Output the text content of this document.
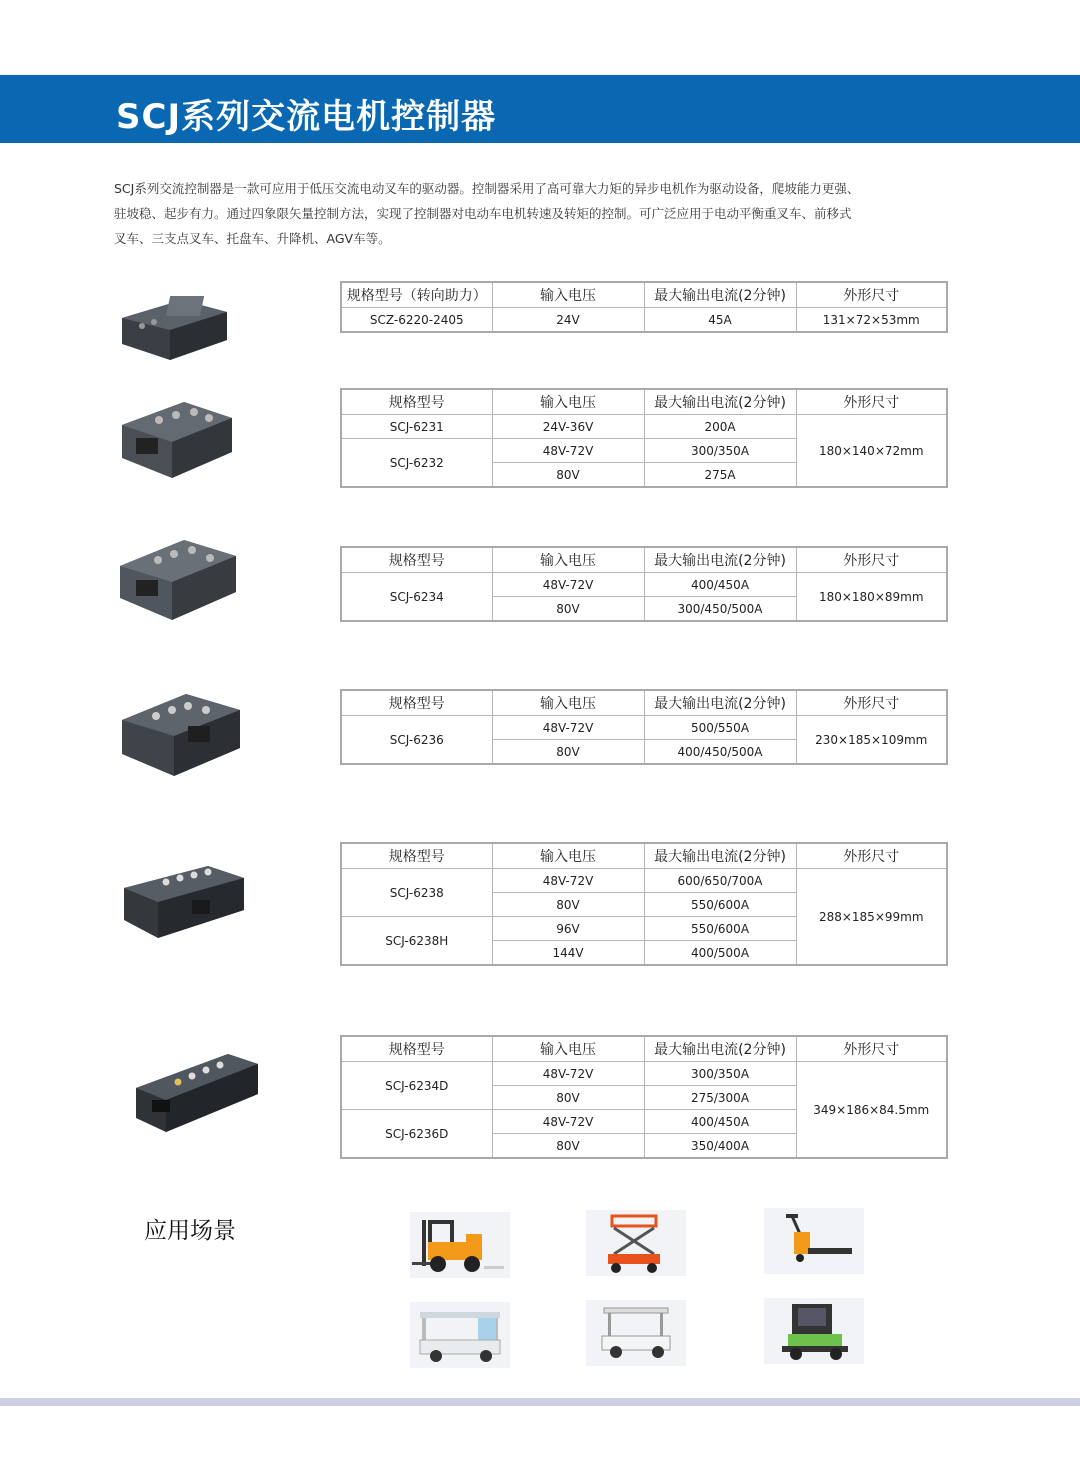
SCJ系列交流电机控制器

SCJ系列交流控制器是一款可应用于低压交流电动叉车的驱动器。控制器采用了高可靠大力矩的异步电机作为驱动设备，爬坡能力更强、

驻坡稳、起步有力。通过四象限矢量控制方法，实现了控制器对电动车电机转速及转矩的控制。可广泛应用于电动平衡重叉车、前移式

叉车、三支点叉车、托盘车、升降机、AGV车等。

规格型号（转向助力）	输入电压	最大输出电流(2分钟)	外形尺寸
SCZ-6220-2405	24V	45A	131×72×53mm
规格型号	输入电压	最大输出电流(2分钟)	外形尺寸
SCJ-6231	24V-36V	200A	180×140×72mm
SCJ-6232	48V-72V	300/350A	
	80V	275A	
规格型号	输入电压	最大输出电流(2分钟)	外形尺寸
SCJ-6234	48V-72V	400/450A	180×180×89mm
	80V	300/450/500A	
规格型号	输入电压	最大输出电流(2分钟)	外形尺寸
SCJ-6236	48V-72V	500/550A	230×185×109mm
	80V	400/450/500A	
规格型号	输入电压	最大输出电流(2分钟)	外形尺寸
SCJ-6238	48V-72V	600/650/700A	288×185×99mm
	80V	550/600A	
SCJ-6238H	96V	550/600A	
	144V	400/500A	
规格型号	输入电压	最大输出电流(2分钟)	外形尺寸
SCJ-6234D	48V-72V	300/350A	349×186×84.5mm
	80V	275/300A	
SCJ-6236D	48V-72V	400/450A	
	80V	350/400A	
应用场景
